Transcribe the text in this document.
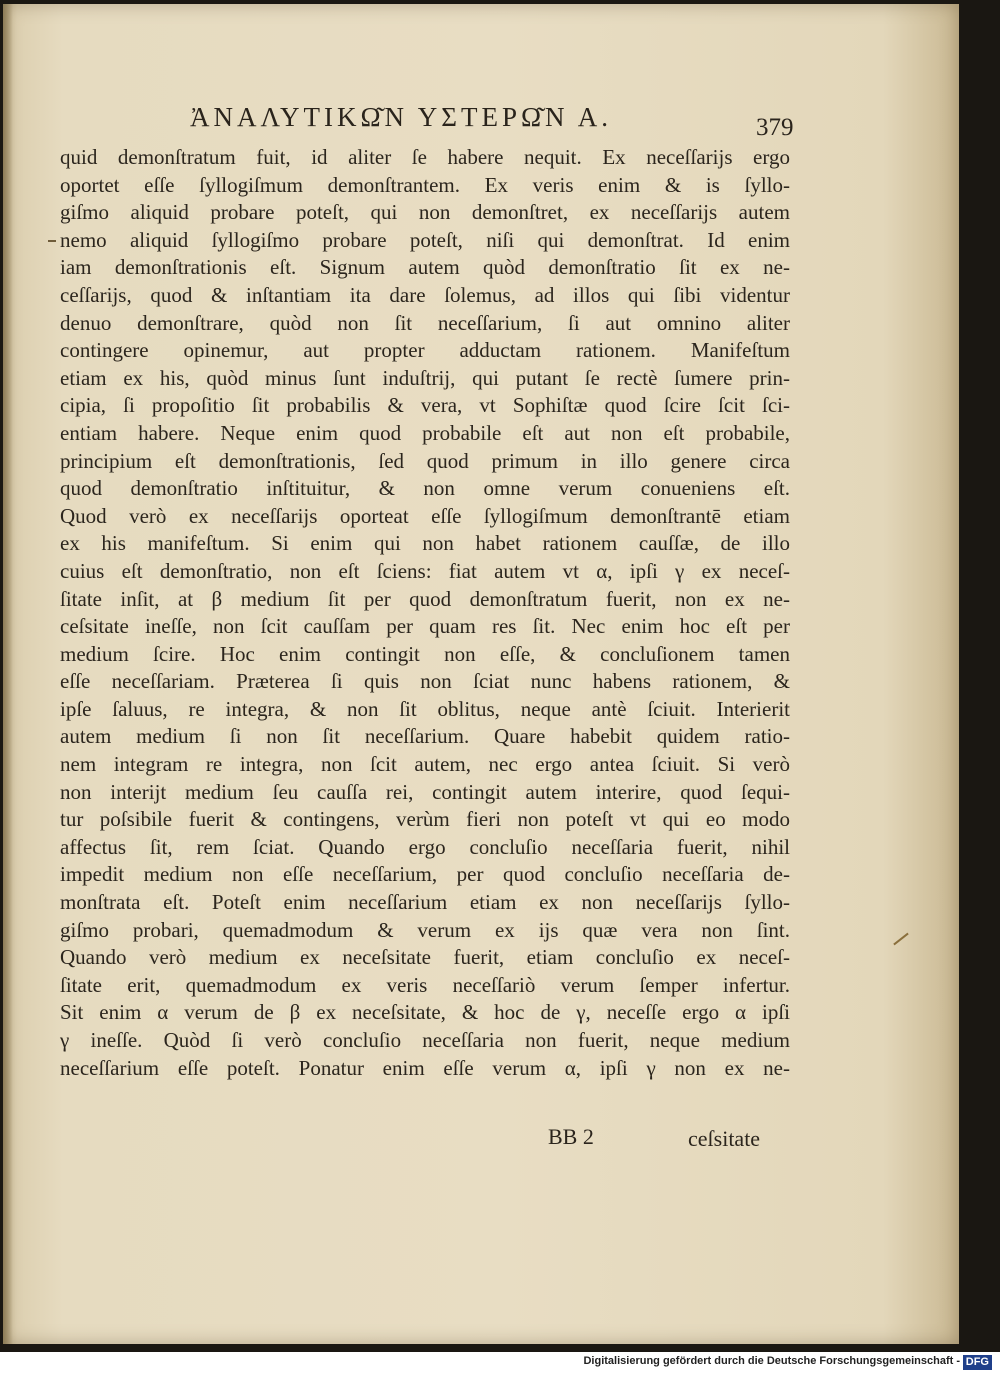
ἈΝΑΛΥΤΙΚΩ͂Ν ΥΣΤΕΡΩ͂Ν Α.	379
quid demonſtratum fuit, id aliter ſe habere nequit. Ex neceſſarijs ergo
oportet eſſe ſyllogiſmum demonſtrantem. Ex veris enim & is ſyllo-
giſmo aliquid probare poteſt, qui non demonſtret, ex neceſſarijs autem
nemo aliquid ſyllogiſmo probare poteſt, niſi qui demonſtrat. Id enim
iam demonſtrationis eſt. Signum autem quòd demonſtratio ſit ex ne-
ceſſarijs, quod & inſtantiam ita dare ſolemus, ad illos qui ſibi videntur
denuo demonſtrare, quòd non ſit neceſſarium, ſi aut omnino aliter
contingere opinemur, aut propter adductam rationem. Manifeſtum
etiam ex his, quòd minus ſunt induſtrij, qui putant ſe rectè ſumere prin-
cipia, ſi propoſitio ſit probabilis & vera, vt Sophiſtæ quod ſcire ſcit ſci-
entiam habere. Neque enim quod probabile eſt aut non eſt probabile,
principium eſt demonſtrationis, ſed quod primum in illo genere circa
quod demonſtratio inſtituitur, & non omne verum conueniens eſt.
Quod verò ex neceſſarijs oporteat eſſe ſyllogiſmum demonſtrantē etiam
ex his manifeſtum. Si enim qui non habet rationem cauſſæ, de illo
cuius eſt demonſtratio, non eſt ſciens: fiat autem vt α, ipſi γ ex neceſ-
ſitate inſit, at β medium ſit per quod demonſtratum fuerit, non ex ne-
ceſsitate ineſſe, non ſcit cauſſam per quam res ſit. Nec enim hoc eſt per
medium ſcire. Hoc enim contingit non eſſe, & concluſionem tamen
eſſe neceſſariam. Præterea ſi quis non ſciat nunc habens rationem, &
ipſe ſaluus, re integra, & non ſit oblitus, neque antè ſciuit. Interierit
autem medium ſi non ſit neceſſarium. Quare habebit quidem ratio-
nem integram re integra, non ſcit autem, nec ergo antea ſciuit. Si verò
non interijt medium ſeu cauſſa rei, contingit autem interire, quod ſequi-
tur poſsibile fuerit & contingens, verùm fieri non poteſt vt qui eo modo
affectus ſit, rem ſciat. Quando ergo concluſio neceſſaria fuerit, nihil
impedit medium non eſſe neceſſarium, per quod concluſio neceſſaria de-
monſtrata eſt. Poteſt enim neceſſarium etiam ex non neceſſarijs ſyllo-
giſmo probari, quemadmodum & verum ex ijs quæ vera non ſint.
Quando verò medium ex neceſsitate fuerit, etiam concluſio ex neceſ-
ſitate erit, quemadmodum ex veris neceſſariò verum ſemper infertur.
Sit enim α verum de β ex neceſsitate, & hoc de γ, neceſſe ergo α ipſi
γ ineſſe. Quòd ſi verò concluſio neceſſaria non fuerit, neque medium
neceſſarium eſſe poteſt. Ponatur enim eſſe verum α, ipſi γ non ex ne-
BB 2	ceſsitate
Digitalisierung gefördert durch die Deutsche Forschungsgemeinschaft - DFG
